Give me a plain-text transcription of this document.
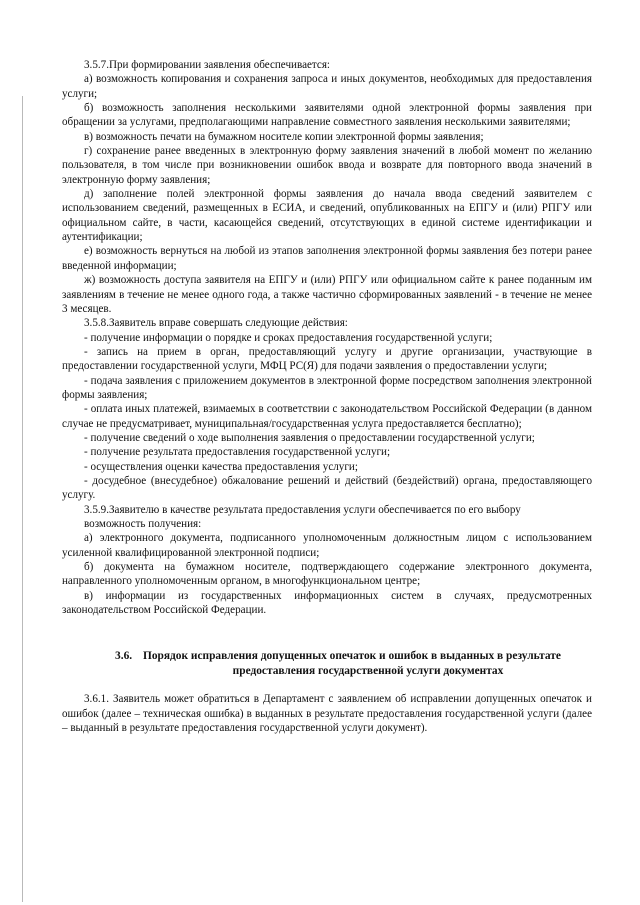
3.5.7.При формировании заявления обеспечивается:

а) возможность копирования и сохранения запроса и иных документов, необходимых для предоставления услуги;

б) возможность заполнения несколькими заявителями одной электронной формы заявления при обращении за услугами, предполагающими направление совместного заявления несколькими заявителями;

в) возможность печати на бумажном носителе копии электронной формы заявления;

г) сохранение ранее введенных в электронную форму заявления значений в любой момент по желанию пользователя, в том числе при возникновении ошибок ввода и возврате для повторного ввода значений в электронную форму заявления;

д) заполнение полей электронной формы заявления до начала ввода сведений заявителем с использованием сведений, размещенных в ЕСИА, и сведений, опубликованных на ЕПГУ и (или) РПГУ или официальном сайте, в части, касающейся сведений, отсутствующих в единой системе идентификации и аутентификации;

е) возможность вернуться на любой из этапов заполнения электронной формы заявления без потери ранее введенной информации;

ж) возможность доступа заявителя на ЕПГУ и (или) РПГУ или официальном сайте к ранее поданным им заявлениям в течение не менее одного года, а также частично сформированных заявлений - в течение не менее 3 месяцев.

3.5.8.Заявитель вправе совершать следующие действия:

- получение информации о порядке и сроках предоставления государственной услуги;

- запись на прием в орган, предоставляющий услугу и другие организации, участвующие в предоставлении государственной услуги, МФЦ РС(Я) для подачи заявления о предоставлении услуги;

- подача заявления с приложением документов в электронной форме посредством заполнения электронной формы заявления;

- оплата иных платежей, взимаемых в соответствии с законодательством Российской Федерации (в данном случае не предусматривает, муниципальная/государственная услуга предоставляется бесплатно);

- получение сведений о ходе выполнения заявления о предоставлении государственной услуги;

- получение результата предоставления государственной услуги;

- осуществления оценки качества предоставления услуги;

- досудебное (внесудебное) обжалование решений и действий (бездействий) органа, предоставляющего услугу.

3.5.9.Заявителю в качестве результата предоставления услуги обеспечивается по его выбору

возможность получения:

а) электронного документа, подписанного уполномоченным должностным лицом с использованием усиленной квалифицированной электронной подписи;

б) документа на бумажном носителе, подтверждающего содержание электронного документа, направленного уполномоченным органом, в многофункциональном центре;

в) информации из государственных информационных систем в случаях, предусмотренных законодательством Российской Федерации.

3.6. Порядок исправления допущенных опечаток и ошибок в выданных в результате
предоставления государственной услуги документах

3.6.1. Заявитель может обратиться в Департамент с заявлением об исправлении допущенных опечаток и ошибок (далее – техническая ошибка) в выданных в результате предоставления государственной услуги (далее – выданный в результате предоставления государственной услуги документ).
